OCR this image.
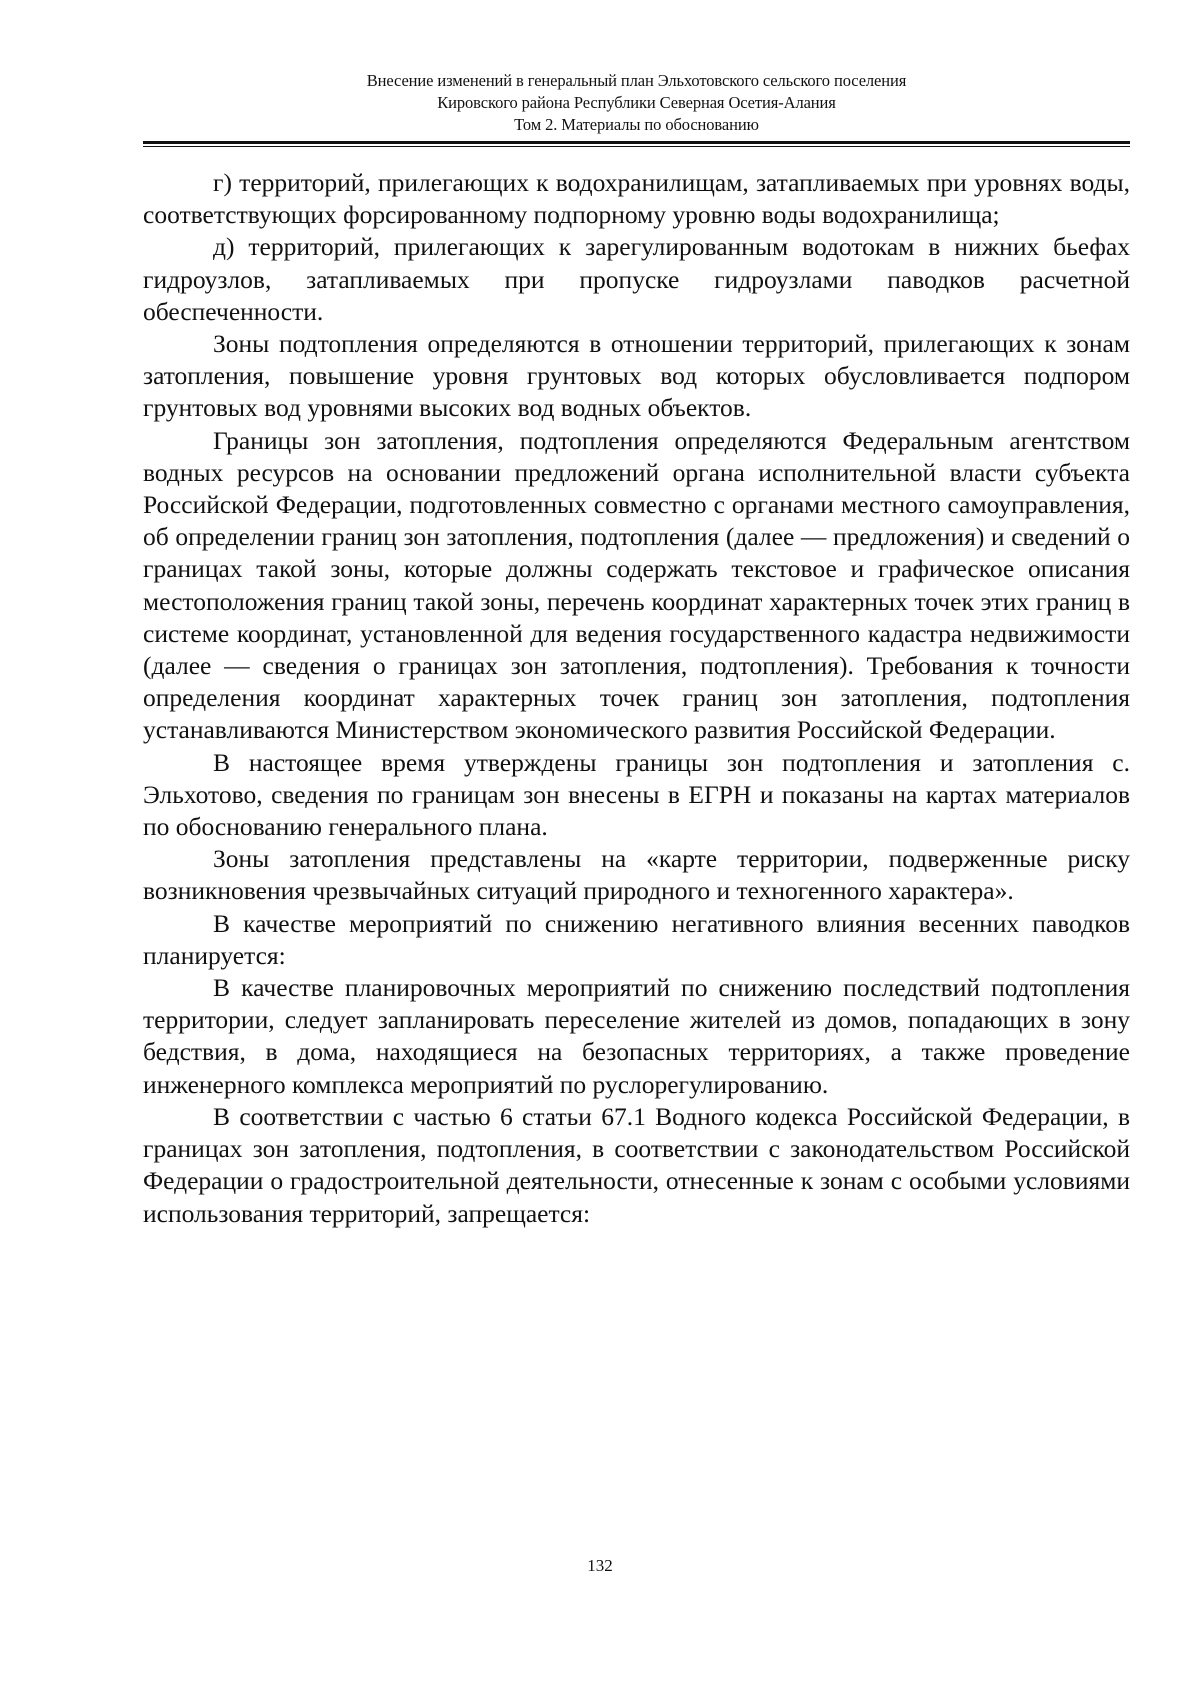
Внесение изменений в генеральный план Эльхотовского сельского поселения
Кировского района Республики Северная Осетия-Алания
Том 2. Материалы по обоснованию

г) территорий, прилегающих к водохранилищам, затапливаемых при уровнях воды, соответствующих форсированному подпорному уровню воды водохранилища;

д) территорий, прилегающих к зарегулированным водотокам в нижних бьефах гидроузлов, затапливаемых при пропуске гидроузлами паводков расчетной обеспеченности.

Зоны подтопления определяются в отношении территорий, прилегающих к зонам затопления, повышение уровня грунтовых вод которых обусловливается подпором грунтовых вод уровнями высоких вод водных объектов.

Границы зон затопления, подтопления определяются Федеральным агентством водных ресурсов на основании предложений органа исполнительной власти субъекта Российской Федерации, подготовленных совместно с органами местного самоуправления, об определении границ зон затопления, подтопления (далее — предложения) и сведений о границах такой зоны, которые должны содержать текстовое и графическое описания местоположения границ такой зоны, перечень координат характерных точек этих границ в системе координат, установленной для ведения государственного кадастра недвижимости (далее — сведения о границах зон затопления, подтопления). Требования к точности определения координат характерных точек границ зон затопления, подтопления устанавливаются Министерством экономического развития Российской Федерации.

В настоящее время утверждены границы зон подтопления и затопления с. Эльхотово, сведения по границам зон внесены в ЕГРН и показаны на картах материалов по обоснованию генерального плана.

Зоны затопления представлены на «карте территории, подверженные риску возникновения чрезвычайных ситуаций природного и техногенного характера».

В качестве мероприятий по снижению негативного влияния весенних паводков планируется:

В качестве планировочных мероприятий по снижению последствий подтопления территории, следует запланировать переселение жителей из домов, попадающих в зону бедствия, в дома, находящиеся на безопасных территориях, а также проведение инженерного комплекса мероприятий по руслорегулированию.

В соответствии с частью 6 статьи 67.1 Водного кодекса Российской Федерации, в границах зон затопления, подтопления, в соответствии с законодательством Российской Федерации о градостроительной деятельности, отнесенные к зонам с особыми условиями использования территорий, запрещается:

132
